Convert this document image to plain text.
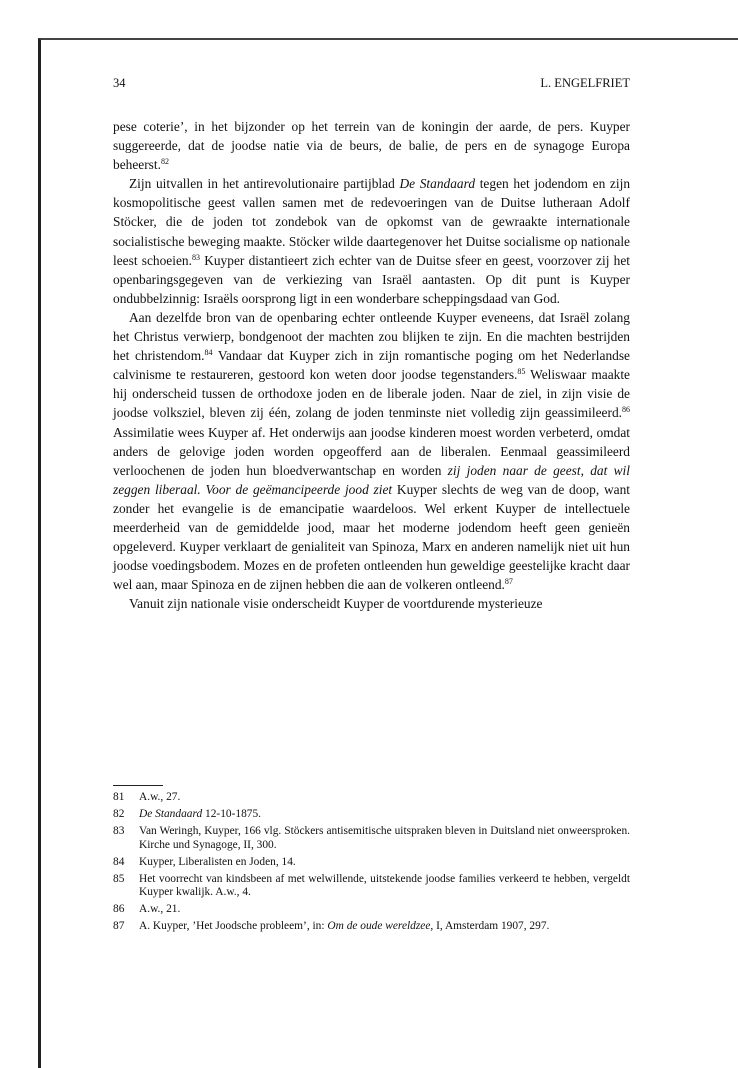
34	L. ENGELFRIET

pese coterie’, in het bijzonder op het terrein van de koningin der aarde, de pers. Kuyper suggereerde, dat de joodse natie via de beurs, de balie, de pers en de synagoge Europa beheerst.$^{82}$

Zijn uitvallen in het antirevolutionaire partijblad De Standaard tegen het jodendom en zijn kosmopolitische geest vallen samen met de redevoeringen van de Duitse lutheraan Adolf Stöcker, die de joden tot zondebok van de opkomst van de gewraakte internationale socialistische beweging maakte. Stöcker wilde daartegenover het Duitse socialisme op nationale leest schoeien.$^{83}$ Kuyper distantieert zich echter van de Duitse sfeer en geest, voorzover zij het openbaringsgegeven van de verkiezing van Israël aantasten. Op dit punt is Kuyper ondubbelzinnig: Israëls oorsprong ligt in een wonderbare scheppingsdaad van God.

Aan dezelfde bron van de openbaring echter ontleende Kuyper eveneens, dat Israël zolang het Christus verwierp, bondgenoot der machten zou blijken te zijn. En die machten bestrijden het christendom.$^{84}$ Vandaar dat Kuyper zich in zijn romantische poging om het Nederlandse calvinisme te restaureren, gestoord kon weten door joodse tegenstanders.$^{85}$ Weliswaar maakte hij onderscheid tussen de orthodoxe joden en de liberale joden. Naar de ziel, in zijn visie de joodse volksziel, bleven zij één, zolang de joden tenminste niet volledig zijn geassimileerd.$^{86}$ Assimilatie wees Kuyper af. Het onderwijs aan joodse kinderen moest worden verbeterd, omdat anders de gelovige joden worden opgeofferd aan de liberalen. Eenmaal geassimileerd verloochenen de joden hun bloedverwantschap en worden zij joden naar de geest, dat wil zeggen liberaal. Voor de geëmancipeerde jood ziet Kuyper slechts de weg van de doop, want zonder het evangelie is de emancipatie waardeloos. Wel erkent Kuyper de intellectuele meerderheid van de gemiddelde jood, maar het moderne jodendom heeft geen genieën opgeleverd. Kuyper verklaart de genialiteit van Spinoza, Marx en anderen namelijk niet uit hun joodse voedingsbodem. Mozes en de profeten ontleenden hun geweldige geestelijke kracht daar wel aan, maar Spinoza en de zijnen hebben die aan de volkeren ontleend.$^{87}$

Vanuit zijn nationale visie onderscheidt Kuyper de voortdurende mysterieuze

81	A.w., 27.
82	De Standaard 12-10-1875.
83	Van Weringh, Kuyper, 166 vlg. Stöckers antisemitische uitspraken bleven in Duitsland niet onweersproken. Kirche und Synagoge, II, 300.
84	Kuyper, Liberalisten en Joden, 14.
85	Het voorrecht van kindsbeen af met welwillende, uitstekende joodse families verkeerd te hebben, vergeldt Kuyper kwalijk. A.w., 4.
86	A.w., 21.
87	A. Kuyper, ’Het Joodsche probleem’, in: Om de oude wereldzee, I, Amsterdam 1907, 297.
